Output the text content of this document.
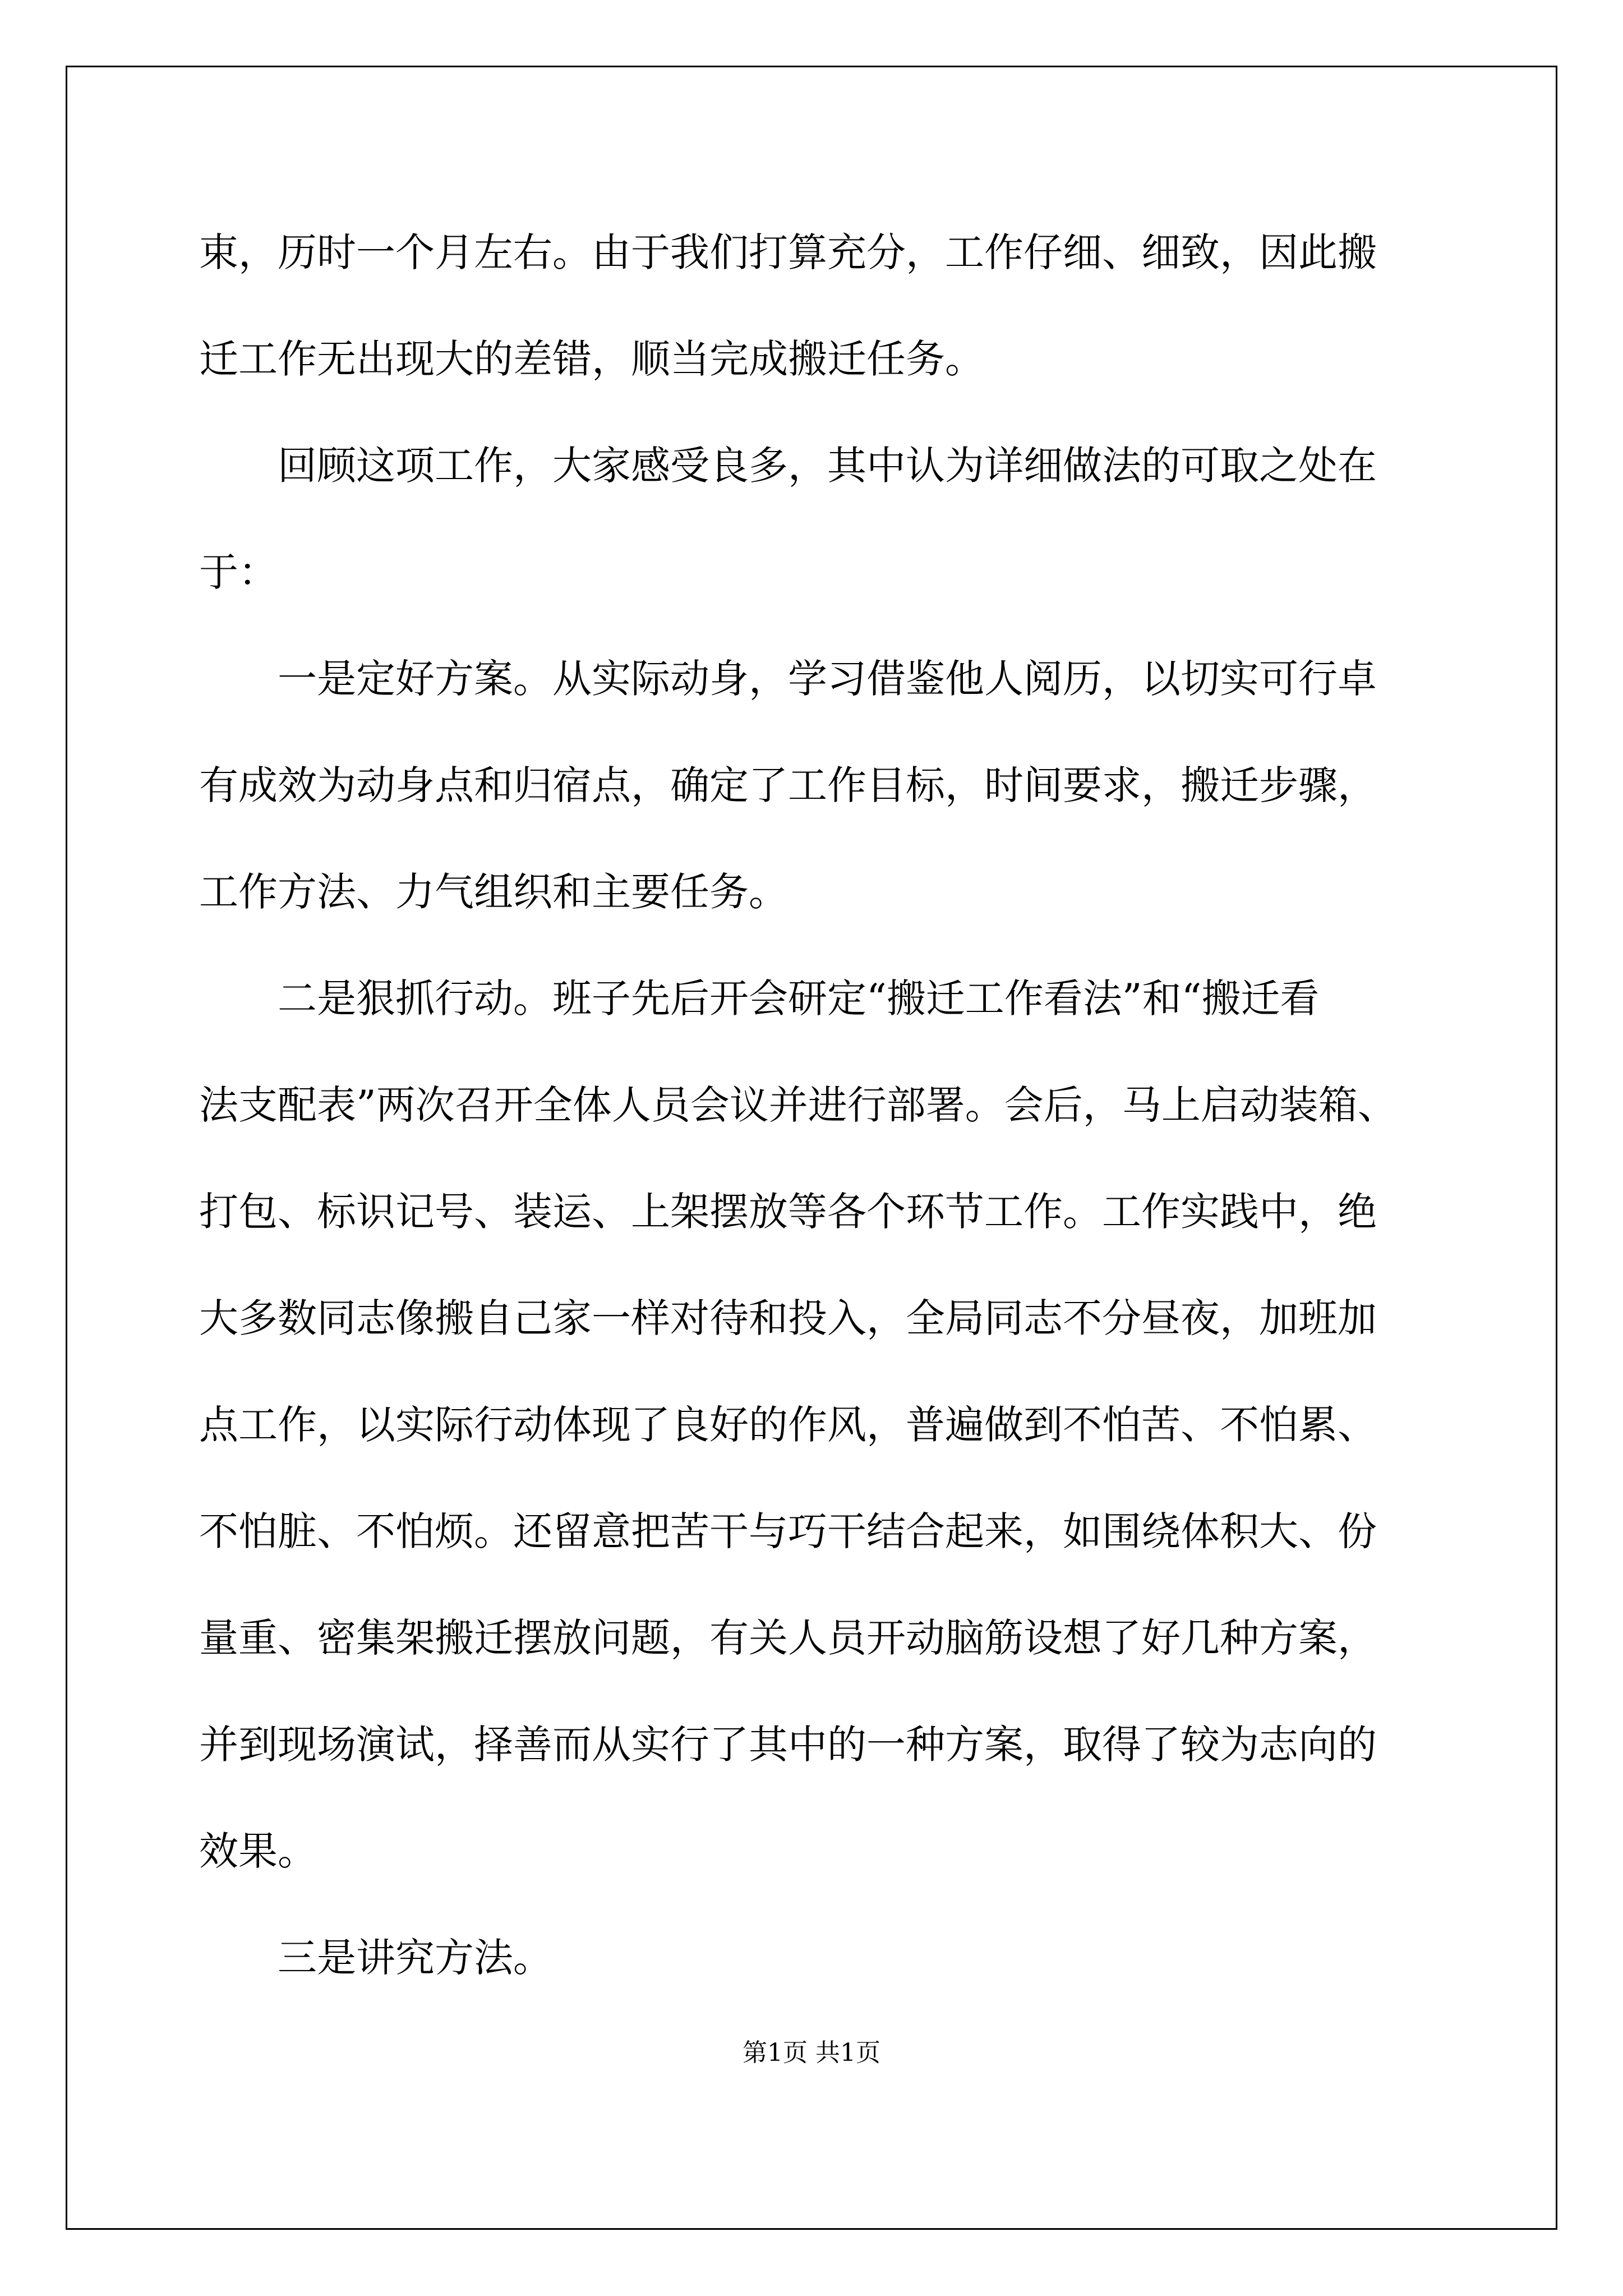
束，历时一个月左右。由于我们打算充分，工作仔细、细致，因此搬

迁工作无出现大的差错，顺当完成搬迁任务。

回顾这项工作，大家感受良多，其中认为详细做法的可取之处在

于：

一是定好方案。从实际动身，学习借鉴他人阅历，以切实可行卓

有成效为动身点和归宿点，确定了工作目标，时间要求，搬迁步骤，

工作方法、力气组织和主要任务。

二是狠抓行动。班子先后开会研定“搬迁工作看法”和“搬迁看

法支配表”两次召开全体人员会议并进行部署。会后，马上启动装箱、

打包、标识记号、装运、上架摆放等各个环节工作。工作实践中，绝

大多数同志像搬自己家一样对待和投入，全局同志不分昼夜，加班加

点工作，以实际行动体现了良好的作风，普遍做到不怕苦、不怕累、

不怕脏、不怕烦。还留意把苦干与巧干结合起来，如围绕体积大、份

量重、密集架搬迁摆放问题，有关人员开动脑筋设想了好几种方案，

并到现场演试，择善而从实行了其中的一种方案，取得了较为志向的

效果。

三是讲究方法。

第1页 共1页
